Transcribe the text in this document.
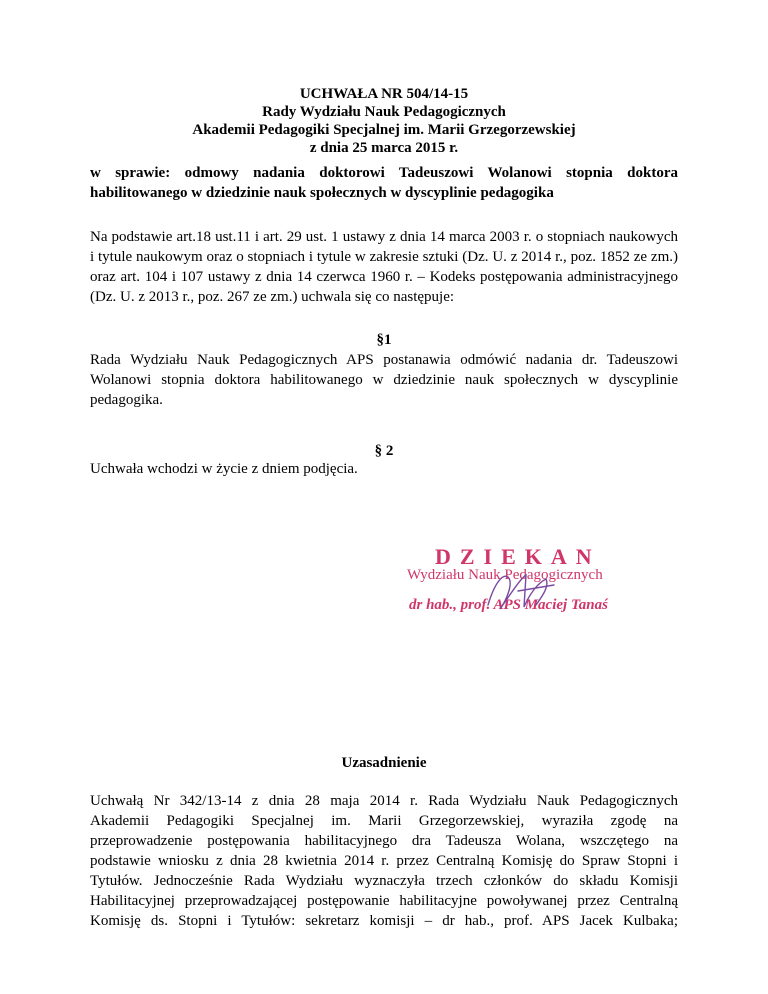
UCHWAŁA NR 504/14-15
Rady Wydziału Nauk Pedagogicznych
Akademii Pedagogiki Specjalnej im. Marii Grzegorzewskiej
z dnia 25 marca 2015 r.
w sprawie: odmowy nadania doktorowi Tadeuszowi Wolanowi stopnia doktora habilitowanego w dziedzinie nauk społecznych w dyscyplinie pedagogika
Na podstawie art.18 ust.11 i art. 29 ust. 1 ustawy z dnia 14 marca 2003 r. o stopniach naukowych i tytule naukowym oraz o stopniach i tytule w zakresie sztuki (Dz. U. z 2014 r., poz. 1852 ze zm.) oraz art. 104 i 107 ustawy z dnia 14 czerwca 1960 r. – Kodeks postępowania administracyjnego (Dz. U. z 2013 r., poz. 267 ze zm.) uchwala się co następuje:
§1
Rada Wydziału Nauk Pedagogicznych APS postanawia odmówić nadania dr. Tadeuszowi Wolanowi stopnia doktora habilitowanego w dziedzinie nauk społecznych w dyscyplinie pedagogika.
§ 2
Uchwała wchodzi w życie z dniem podjęcia.
DZIEKAN
Wydziału Nauk Pedagogicznych
dr hab., prof. APS Maciej Tanaś
Uzasadnienie
Uchwałą Nr 342/13-14 z dnia 28 maja 2014 r. Rada Wydziału Nauk Pedagogicznych
Akademii Pedagogiki Specjalnej im. Marii Grzegorzewskiej, wyraziła zgodę na
przeprowadzenie postępowania habilitacyjnego dra Tadeusza Wolana, wszczętego na
podstawie wniosku z dnia 28 kwietnia 2014 r. przez Centralną Komisję do Spraw Stopni i
Tytułów. Jednocześnie Rada Wydziału wyznaczyła trzech członków do składu Komisji
Habilitacyjnej przeprowadzającej postępowanie habilitacyjne powoływanej przez Centralną
Komisję ds. Stopni i Tytułów: sekretarz komisji – dr hab., prof. APS Jacek Kulbaka;
